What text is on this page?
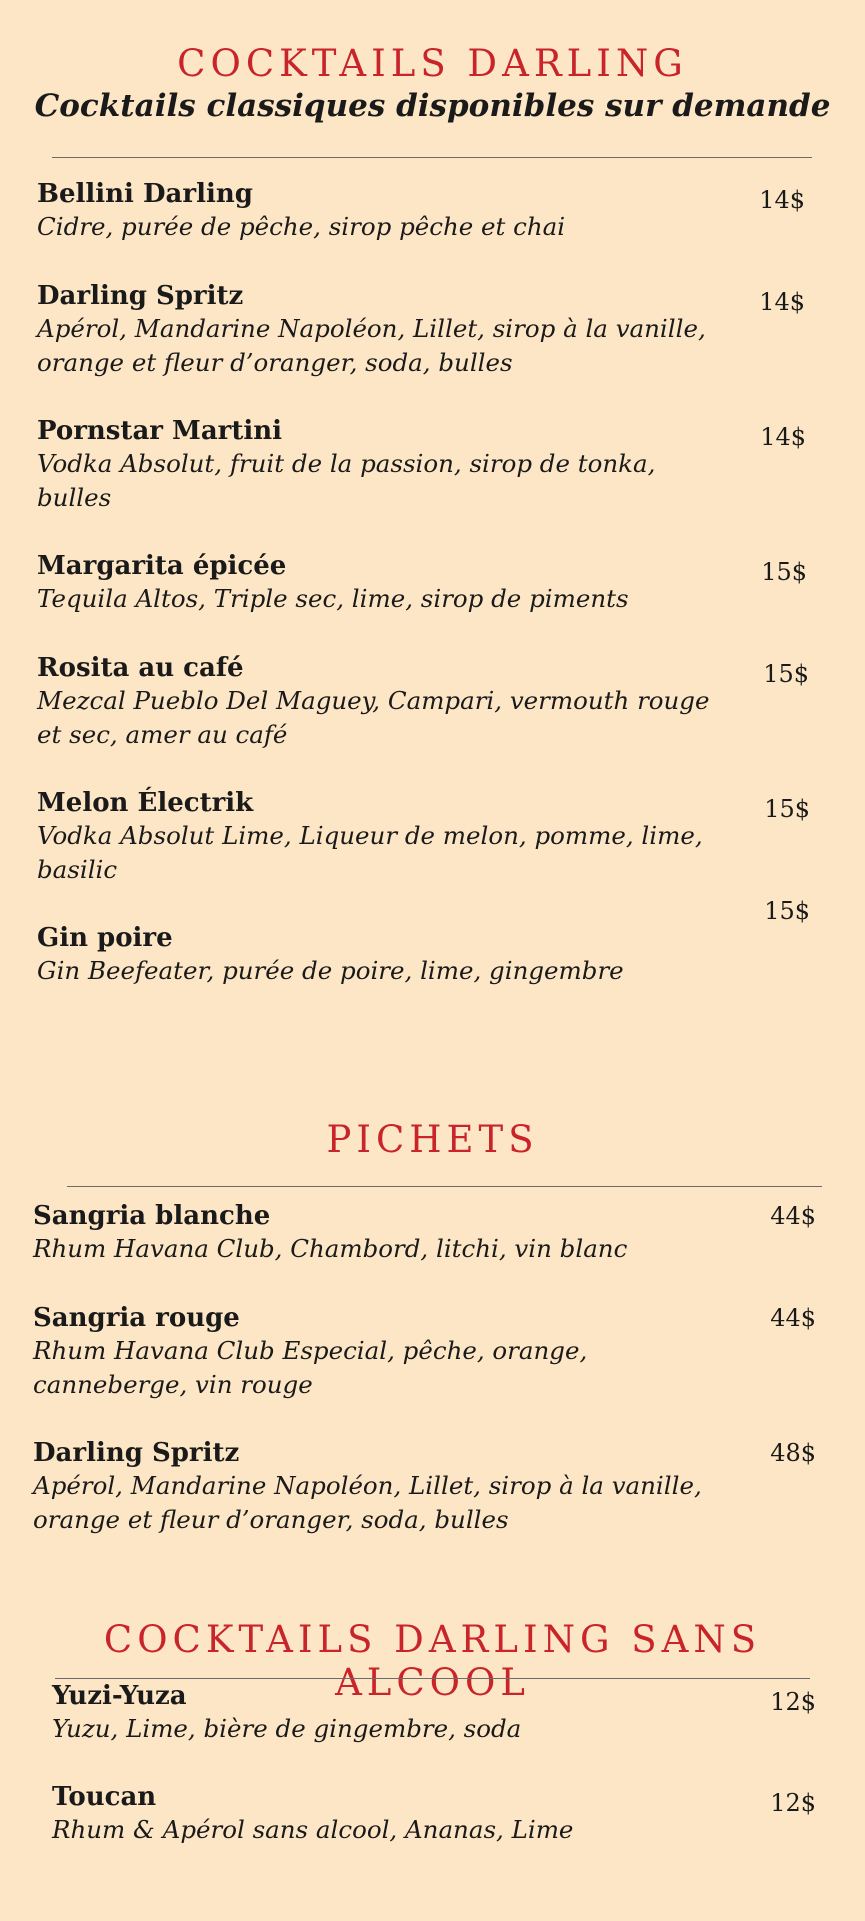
COCKTAILS DARLING
Cocktails classiques disponibles sur demande
Bellini Darling
Cidre, purée de pêche, sirop pêche et chai
14$
Darling Spritz
Apérol, Mandarine Napoléon, Lillet, sirop à la vanille,
orange et fleur d’oranger, soda, bulles
14$
Pornstar Martini
Vodka Absolut, fruit de la passion, sirop de tonka,
bulles
14$
Margarita épicée
Tequila Altos, Triple sec, lime, sirop de piments
15$
Rosita au café
Mezcal Pueblo Del Maguey, Campari, vermouth rouge
et sec, amer au café
15$
Melon Électrik
Vodka Absolut Lime, Liqueur de melon, pomme, lime,
basilic
15$
15$
Gin poire
Gin Beefeater, purée de poire, lime, gingembre
PICHETS
Sangria blanche
Rhum Havana Club, Chambord, litchi, vin blanc
44$
Sangria rouge
Rhum Havana Club Especial, pêche, orange,
canneberge, vin rouge
44$
Darling Spritz
Apérol, Mandarine Napoléon, Lillet, sirop à la vanille,
orange et fleur d’oranger, soda, bulles
48$
COCKTAILS DARLING SANS ALCOOL
Yuzi-Yuza
Yuzu, Lime, bière de gingembre, soda
12$
Toucan
Rhum & Apérol sans alcool, Ananas, Lime
12$
